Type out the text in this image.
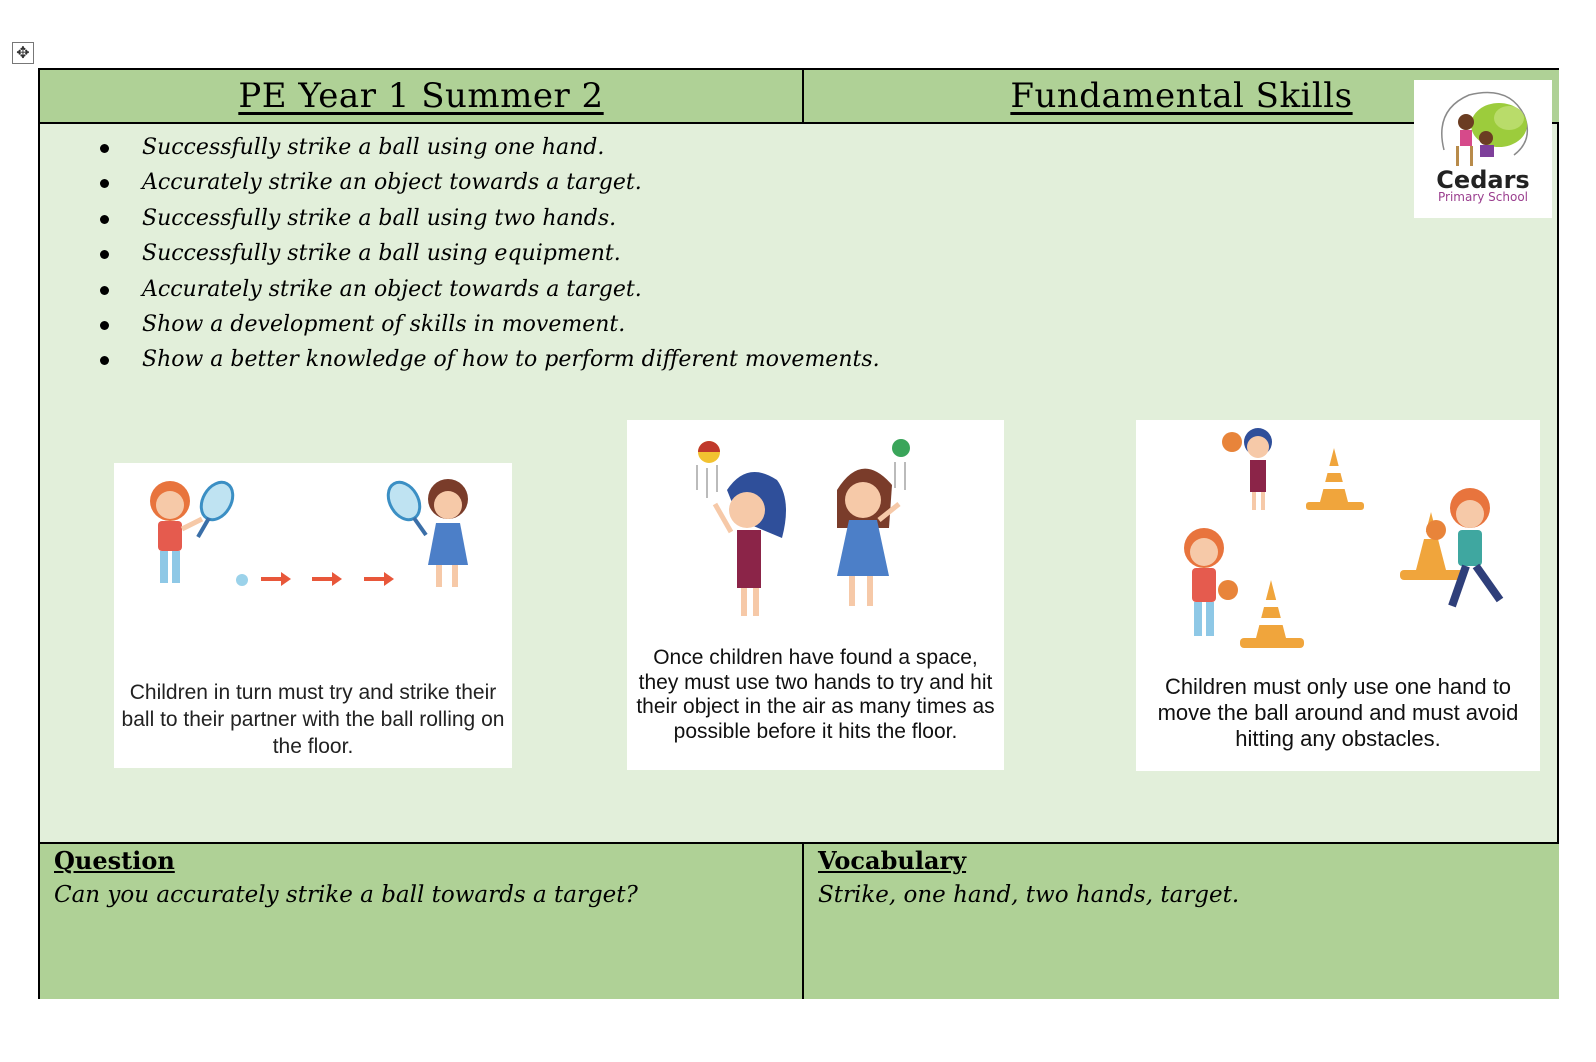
✥
PE Year 1 Summer 2	Fundamental Skills
Cedars
Primary School
Successfully strike a ball using one hand.
Accurately strike an object towards a target.
Successfully strike a ball using two hands.
Successfully strike a ball using equipment.
Accurately strike an object towards a target.
Show a development of skills in movement.
Show a better knowledge of how to perform different movements.
Children in turn must try and strike their ball to their partner with the ball rolling on the floor.
Once children have found a space, they must use two hands to try and hit their object in the air as many times as possible before it hits the floor.
Children must only use one hand to move the ball around and must avoid hitting any obstacles.
Question
Can you accurately strike a ball towards a target?
Vocabulary
Strike, one hand, two hands, target.
